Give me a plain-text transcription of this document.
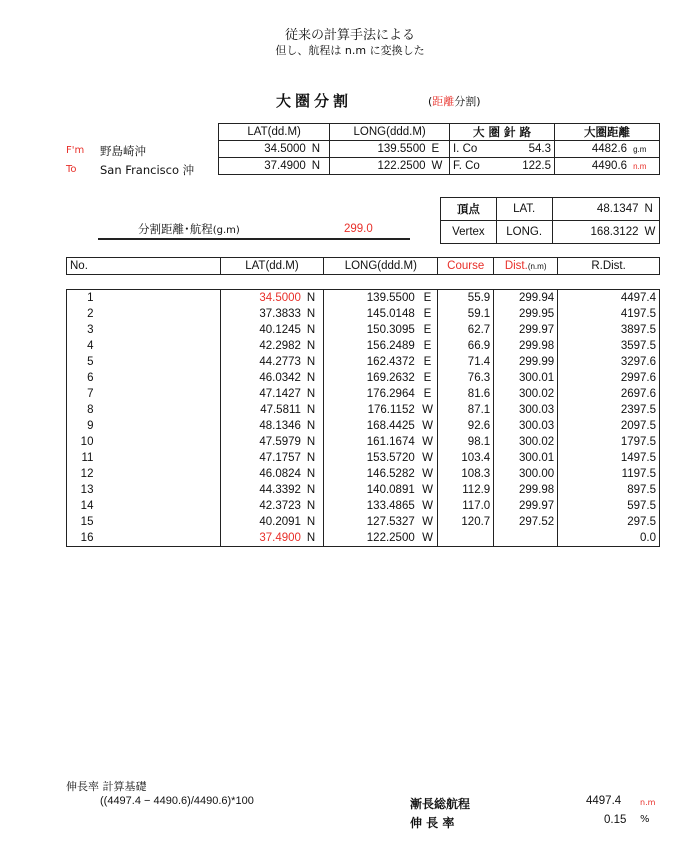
従来の計算手法による
但し、航程は n.m に変換した
大圏分割	(距離分割)
F'm 野島崎沖
To San Francisco 沖
LAT(dd.M)		LONG(ddd.M)		大 圏 針 路		大圏距離	
34.5000	N	139.5500	E	I. Co	54.3	4482.6	g.m
37.4900	N	122.2500	W	F. Co	122.5	4490.6	n.m
頂点	LAT.	48.1347	N
Vertex	LONG.	168.3122	W
分割距離･航程(g.m)	299.0
No.		LAT(dd.M)		LONG(ddd.M)		Course	Dist.(n.m)	R.Dist.

1		34.5000	N	139.5500	E	55.9	299.94	4497.4
2		37.3833	N	145.0148	E	59.1	299.95	4197.5
3		40.1245	N	150.3095	E	62.7	299.97	3897.5
4		42.2982	N	156.2489	E	66.9	299.98	3597.5
5		44.2773	N	162.4372	E	71.4	299.99	3297.6
6		46.0342	N	169.2632	E	76.3	300.01	2997.6
7		47.1427	N	176.2964	E	81.6	300.02	2697.6
8		47.5811	N	176.1152	W	87.1	300.03	2397.5
9		48.1346	N	168.4425	W	92.6	300.03	2097.5
10		47.5979	N	161.1674	W	98.1	300.02	1797.5
11		47.1757	N	153.5720	W	103.4	300.01	1497.5
12		46.0824	N	146.5282	W	108.3	300.00	1197.5
13		44.3392	N	140.0891	W	112.9	299.98	897.5
14		42.3723	N	133.4865	W	117.0	299.97	597.5
15		40.2091	N	127.5327	W	120.7	297.52	297.5
16		37.4900	N	122.2500	W			0.0
伸長率 計算基礎
((4497.4 − 4490.6)/4490.6)*100	漸長総航程	4497.4 n.m
伸 長 率	0.15 %
